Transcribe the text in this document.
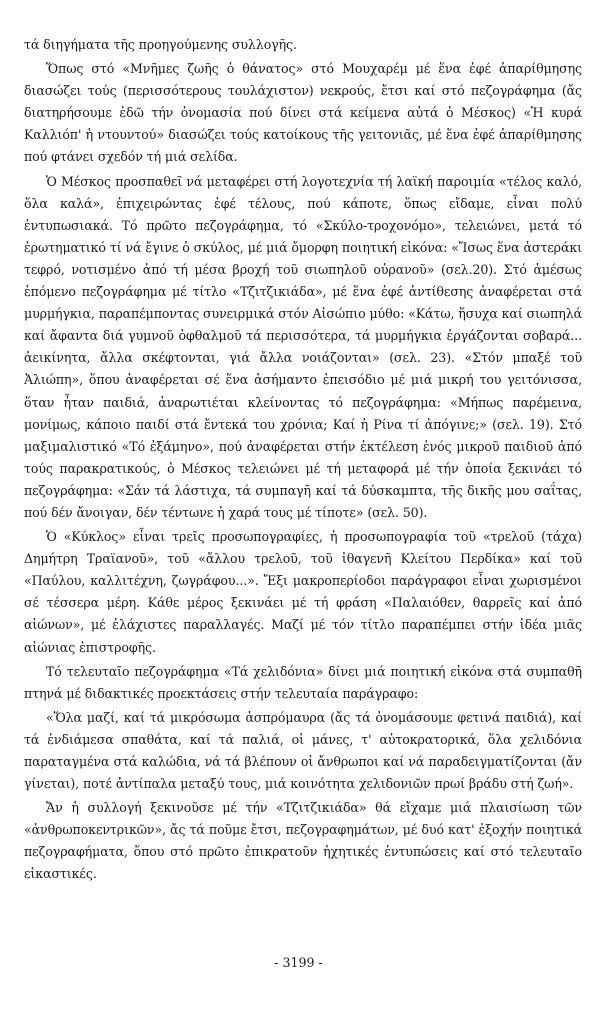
τά διηγήματα τῆς προηγούμενης συλλογῆς.

Ὅπως στό «Μνῆμες ζωῆς ὁ θάνατος» στό Μουχαρέμ μέ ἕνα ἐφέ ἀπαρίθμησης διασώζει τούς (περισσότερους τουλάχιστον) νεκρούς, ἔτσι καί στό πεζογράφημα (ἄς διατηρήσουμε ἐδῶ τήν ὀνομασία πού δίνει στά κείμενα αὐτά ὁ Μέσκος) «Ἡ κυρά Καλλιόπ' ἡ ντουντού» διασώζει τούς κατοίκους τῆς γειτονιᾶς, μέ ἕνα ἐφέ ἀπαρίθμησης πού φτάνει σχεδόν τή μιά σελίδα.

Ὁ Μέσκος προσπαθεῖ νά μεταφέρει στή λογοτεχνία τή λαϊκή παροιμία «τέλος καλό, ὅλα καλά», ἐπιχειρώντας ἐφέ τέλους, πού κάποτε, ὅπως εἴδαμε, εἶναι πολύ ἐντυπωσιακά. Τό πρῶτο πεζογράφημα, τό «Σκύλο-τροχονόμο», τελειώνει, μετά τό ἐρωτηματικό τί νά ἔγινε ὁ σκύλος, μέ μιά ὄμορφη ποιητική εἰκόνα: «Ἴσως ἕνα ἀστεράκι τεφρό, νοτισμένο ἀπό τή μέσα βροχή τοῦ σιωπηλοῦ οὐρανοῦ» (σελ.20). Στό ἀμέσως ἑπόμενο πεζογράφημα μέ τίτλο «Τζιτζικιάδα», μέ ἕνα ἐφέ ἀντίθεσης ἀναφέρεται στά μυρμήγκια, παραπέμποντας συνειρμικά στόν Αἰσώπιο μύθο: «Κάτω, ἥσυχα καί σιωπηλά καί ἄφαντα διά γυμνοῦ ὀφθαλμοῦ τά περισσότερα, τά μυρμήγκια ἐργάζονται σοβαρά... ἀεικίνητα, ἄλλα σκέφτονται, γιά ἄλλα νοιάζονται» (σελ. 23). «Στόν μπαξέ τοῦ Ἀλιώπη», ὅπου ἀναφέρεται σέ ἕνα ἀσήμαντο ἐπεισόδιο μέ μιά μικρή του γειτόνισσα, ὅταν ἦταν παιδιά, ἀναρωτιέται κλείνοντας τό πεζογράφημα: «Μήπως παρέμεινα, μονίμως, κάποιο παιδί στά ἔντεκά του χρόνια; Καί ἡ Ρίνα τί ἀπόγινε;» (σελ. 19). Στό μαξιμαλιστικό «Τό ἐξάμηνο», πού ἀναφέρεται στήν ἐκτέλεση ἑνός μικροῦ παιδιοῦ ἀπό τούς παρακρατικούς, ὁ Μέσκος τελειώνει μέ τή μεταφορά μέ τήν ὁποία ξεκινάει τό πεζογράφημα: «Σάν τά λάστιχα, τά συμπαγῆ καί τά δύσκαμπτα, τῆς δικῆς μου σαΐτας, πού δέν ἄνοιγαν, δέν τέντωνε ἡ χαρά τους μέ τίποτε» (σελ. 50).

Ὁ «Κύκλος» εἶναι τρεῖς προσωπογραφίες, ἡ προσωπογραφία τοῦ «τρελοῦ (τάχα) Δημήτρη Τραϊανοῦ», τοῦ «ἄλλου τρελοῦ, τοῦ ἰθαγενῆ Κλείτου Περδίκα» καί τοῦ «Παύλου, καλλιτέχνη, ζωγράφου...». Ἔξι μακροπερίοδοι παράγραφοι εἶναι χωρισμένοι σέ τέσσερα μέρη. Κάθε μέρος ξεκινάει μέ τή φράση «Παλαιόθεν, θαρρεῖς καί ἀπό αἰώνων», μέ ἐλάχιστες παραλλαγές. Μαζί μέ τόν τίτλο παραπέμπει στήν ἰδέα μιᾶς αἰώνιας ἐπιστροφῆς.

Τό τελευταῖο πεζογράφημα «Τά χελιδόνια» δίνει μιά ποιητική εἰκόνα στά συμπαθῆ πτηνά μέ διδακτικές προεκτάσεις στήν τελευταία παράγραφο:

«Ὅλα μαζί, καί τά μικρόσωμα ἀσπρόμαυρα (ἄς τά ὀνομάσουμε φετινά παιδιά), καί τά ἐνδιάμεσα σπαθάτα, καί τά παλιά, οἱ μάνες, τ' αὐτοκρατορικά, ὅλα χελιδόνια παραταγμένα στά καλώδια, νά τά βλέπουν οἱ ἄνθρωποι καί νά παραδειγματίζονται (ἄν γίνεται), ποτέ ἀντίπαλα μεταξύ τους, μιά κοινότητα χελιδονιῶν πρωί βράδυ στή ζωή».

Ἄν ἡ συλλογή ξεκινοῦσε μέ τήν «Τζιτζικιάδα» θά εἴχαμε μιά πλαισίωση τῶν «ἀνθρωποκεντρικῶν», ἄς τά ποῦμε ἔτσι, πεζογραφημάτων, μέ δυό κατ' ἐξοχήν ποιητικά πεζογραφήματα, ὅπου στό πρῶτο ἐπικρατοῦν ἠχητικές ἐντυπώσεις καί στό τελευταῖο εἰκαστικές.

- 3199 -
